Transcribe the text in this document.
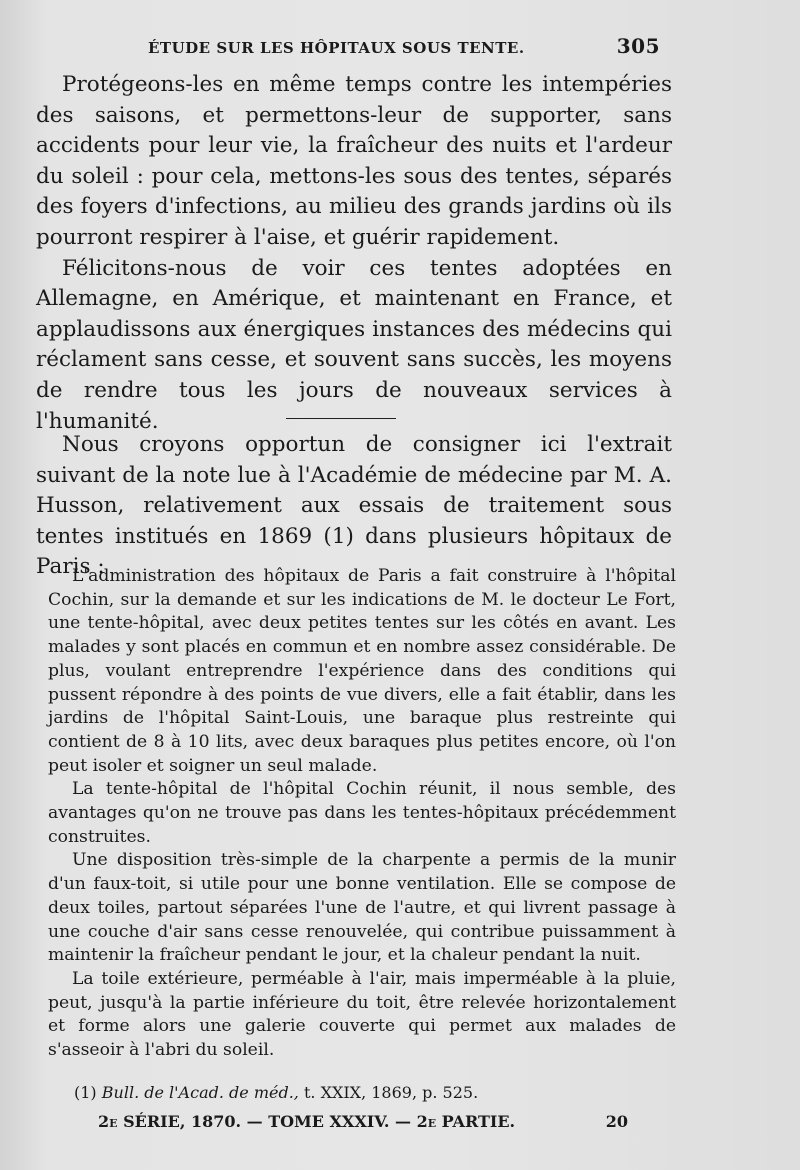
ÉTUDE SUR LES HÔPITAUX SOUS TENTE.	305

Protégeons-les en même temps contre les intempéries des saisons, et permettons-leur de supporter, sans accidents pour leur vie, la fraîcheur des nuits et l'ardeur du soleil : pour cela, mettons-les sous des tentes, séparés des foyers d'infections, au milieu des grands jardins où ils pourront respirer à l'aise, et guérir rapidement.

Félicitons-nous de voir ces tentes adoptées en Allemagne, en Amérique, et maintenant en France, et applaudissons aux énergiques instances des médecins qui réclament sans cesse, et souvent sans succès, les moyens de rendre tous les jours de nouveaux services à l'humanité.

Nous croyons opportun de consigner ici l'extrait suivant de la note lue à l'Académie de médecine par M. A. Husson, relativement aux essais de traitement sous tentes institués en 1869 (1) dans plusieurs hôpitaux de Paris :

L'administration des hôpitaux de Paris a fait construire à l'hôpital Cochin, sur la demande et sur les indications de M. le docteur Le Fort, une tente-hôpital, avec deux petites tentes sur les côtés en avant. Les malades y sont placés en commun et en nombre assez considérable. De plus, voulant entreprendre l'expérience dans des conditions qui pussent répondre à des points de vue divers, elle a fait établir, dans les jardins de l'hôpital Saint-Louis, une baraque plus restreinte qui contient de 8 à 10 lits, avec deux baraques plus petites encore, où l'on peut isoler et soigner un seul malade.

La tente-hôpital de l'hôpital Cochin réunit, il nous semble, des avantages qu'on ne trouve pas dans les tentes-hôpitaux précédemment construites.

Une disposition très-simple de la charpente a permis de la munir d'un faux-toit, si utile pour une bonne ventilation. Elle se compose de deux toiles, partout séparées l'une de l'autre, et qui livrent passage à une couche d'air sans cesse renouvelée, qui contribue puissamment à maintenir la fraîcheur pendant le jour, et la chaleur pendant la nuit.

La toile extérieure, perméable à l'air, mais imperméable à la pluie, peut, jusqu'à la partie inférieure du toit, être relevée horizontalement et forme alors une galerie couverte qui permet aux malades de s'asseoir à l'abri du soleil.

(1) Bull. de l'Acad. de méd., t. XXIX, 1869, p. 525.
2e SÉRIE, 1870. — TOME XXXIV. — 2e PARTIE.	20
